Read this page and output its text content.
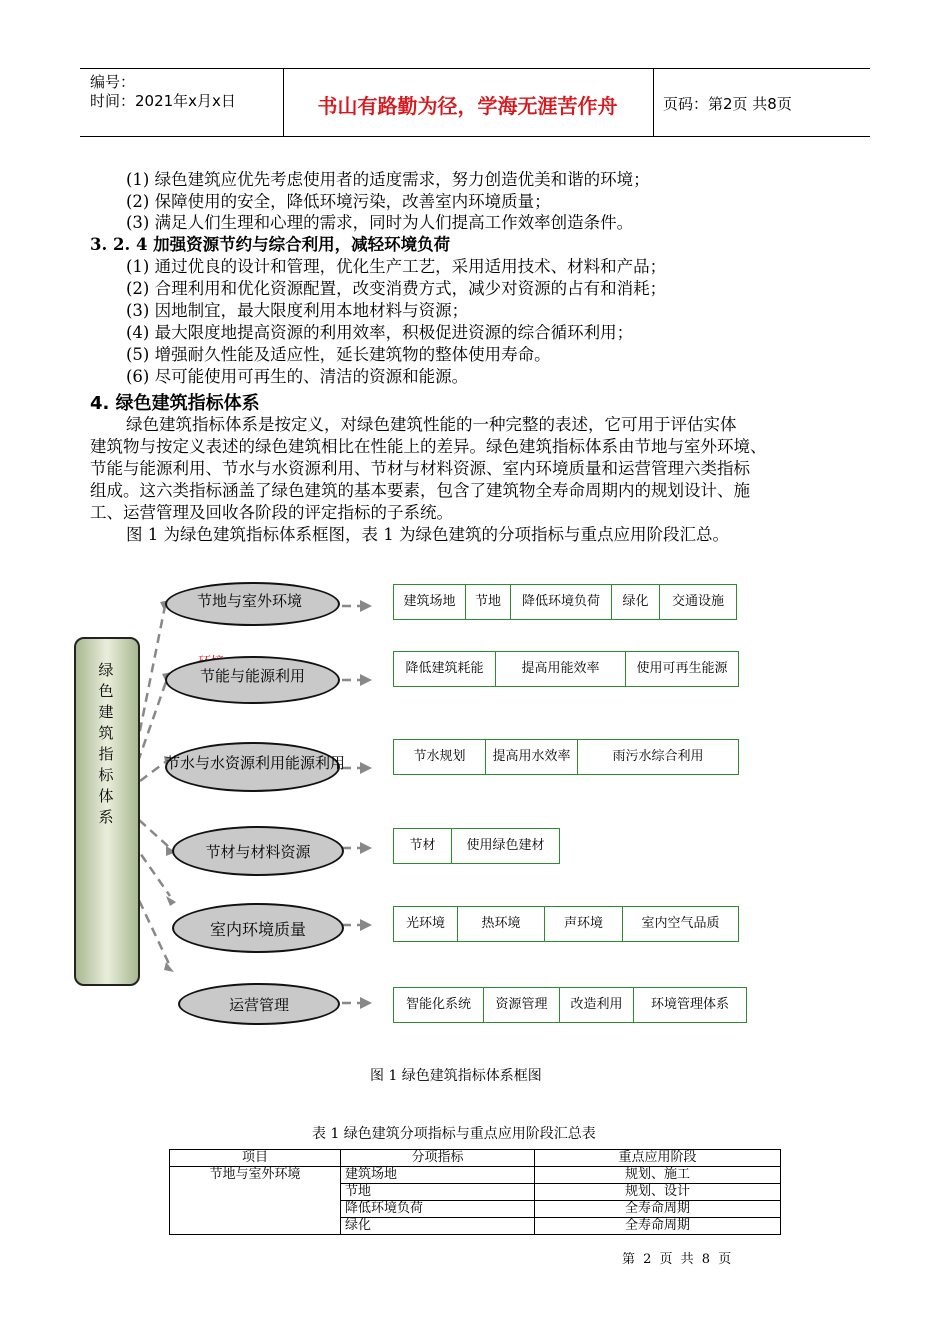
编号：
时间：2021年x月x日	书山有路勤为径，学海无涯苦作舟	页码：第2页 共8页
(1) 绿色建筑应优先考虑使用者的适度需求，努力创造优美和谐的环境；
(2) 保障使用的安全，降低环境污染，改善室内环境质量；
(3) 满足人们生理和心理的需求，同时为人们提高工作效率创造条件。
3. 2. 4 加强资源节约与综合利用，减轻环境负荷
(1) 通过优良的设计和管理，优化生产工艺，采用适用技术、材料和产品；
(2) 合理利用和优化资源配置，改变消费方式，减少对资源的占有和消耗；
(3) 因地制宜，最大限度利用本地材料与资源；
(4) 最大限度地提高资源的利用效率，积极促进资源的综合循环利用；
(5) 增强耐久性能及适应性，延长建筑物的整体使用寿命。
(6) 尽可能使用可再生的、清洁的资源和能源。
4. 绿色建筑指标体系
绿色建筑指标体系是按定义，对绿色建筑性能的一种完整的表述，它可用于评估实体
建筑物与按定义表述的绿色建筑相比在性能上的差异。绿色建筑指标体系由节地与室外环境、
节能与能源利用、节水与水资源利用、节材与材料资源、室内环境质量和运营管理六类指标
组成。这六类指标涵盖了绿色建筑的基本要素，包含了建筑物全寿命周期内的规划设计、施
工、运营管理及回收各阶段的评定指标的子系统。
图 1 为绿色建筑指标体系框图，表 1 为绿色建筑的分项指标与重点应用阶段汇总。
绿色建筑指标体系
节地与室外环境
节能与能源利用
节水与水资源利用能源利用
节材与材料资源
室内环境质量
运营管理
建筑场地	节地	降低环境负荷	绿化	交通设施
降低建筑耗能	提高用能效率	使用可再生能源
节水规划	提高用水效率	雨污水综合利用
节材	使用绿色建材
光环境	热环境	声环境	室内空气品质
智能化系统	资源管理	改造利用	环境管理体系
图 1 绿色建筑指标体系框图
表 1 绿色建筑分项指标与重点应用阶段汇总表
项目	分项指标	重点应用阶段
节地与室外环境	建筑场地	规划、施工
	节地	规划、设计
	降低环境负荷	全寿命周期
	绿化	全寿命周期
第 2 页 共 8 页
